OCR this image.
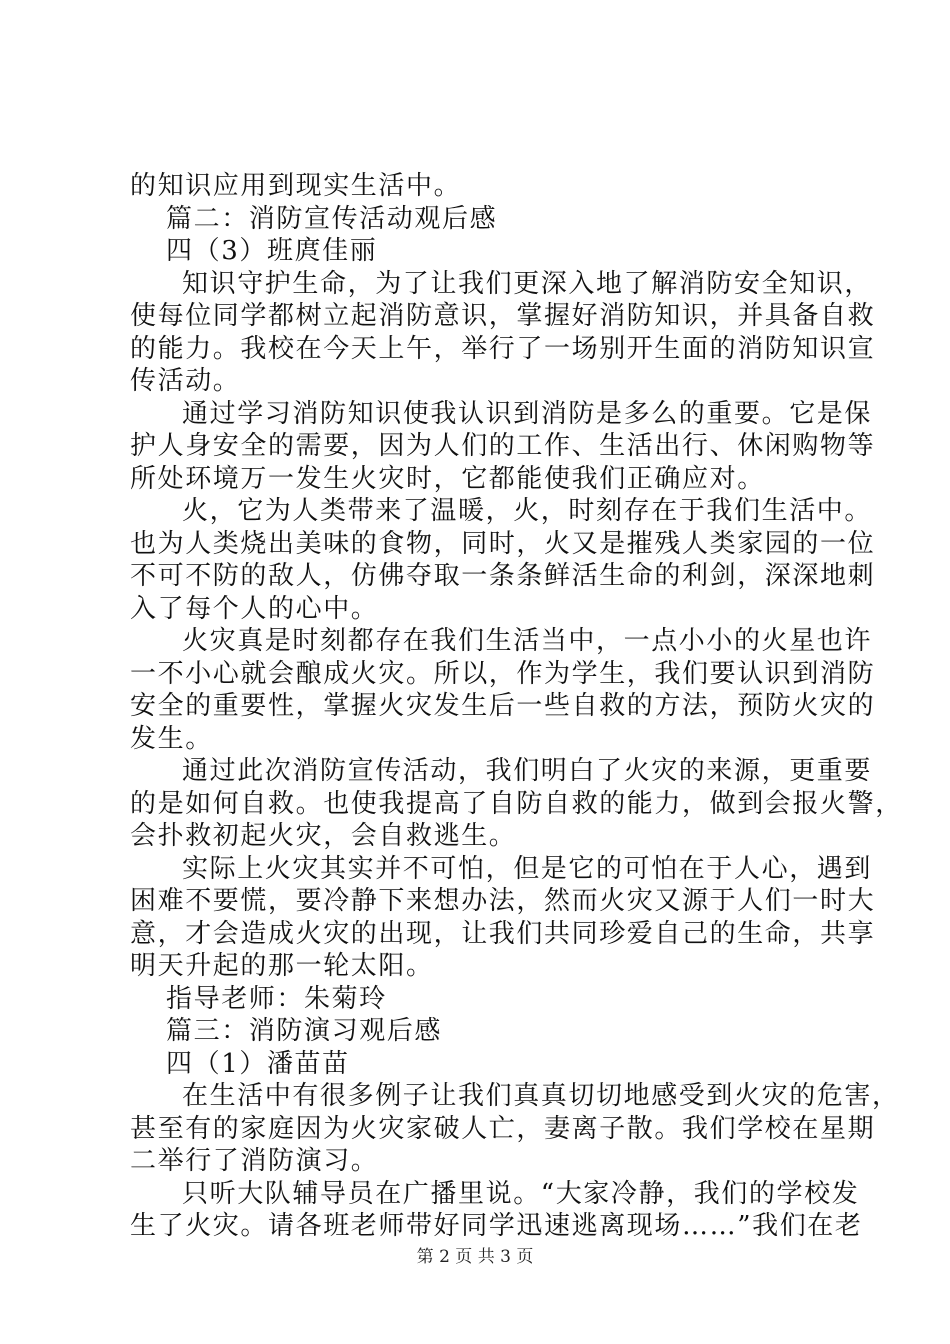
的知识应用到现实生活中。
篇二：消防宣传活动观后感
四（3）班庹佳丽
知识守护生命，为了让我们更深入地了解消防安全知识，
使每位同学都树立起消防意识，掌握好消防知识，并具备自救
的能力。我校在今天上午，举行了一场别开生面的消防知识宣
传活动。
通过学习消防知识使我认识到消防是多么的重要。它是保
护人身安全的需要，因为人们的工作、生活出行、休闲购物等
所处环境万一发生火灾时，它都能使我们正确应对。
火，它为人类带来了温暖，火，时刻存在于我们生活中。
也为人类烧出美味的食物，同时，火又是摧残人类家园的一位
不可不防的敌人，仿佛夺取一条条鲜活生命的利剑，深深地刺
入了每个人的心中。
火灾真是时刻都存在我们生活当中，一点小小的火星也许
一不小心就会酿成火灾。所以，作为学生，我们要认识到消防
安全的重要性，掌握火灾发生后一些自救的方法，预防火灾的
发生。
通过此次消防宣传活动，我们明白了火灾的来源，更重要
的是如何自救。也使我提高了自防自救的能力，做到会报火警，
会扑救初起火灾，会自救逃生。
实际上火灾其实并不可怕，但是它的可怕在于人心，遇到
困难不要慌，要冷静下来想办法，然而火灾又源于人们一时大
意，才会造成火灾的出现，让我们共同珍爱自己的生命，共享
明天升起的那一轮太阳。
指导老师：朱菊玲
篇三：消防演习观后感
四（1）潘苗苗
在生活中有很多例子让我们真真切切地感受到火灾的危害，
甚至有的家庭因为火灾家破人亡，妻离子散。我们学校在星期
二举行了消防演习。
只听大队辅导员在广播里说。“大家冷静，我们的学校发
生了火灾。请各班老师带好同学迅速逃离现场……”我们在老
第 2 页 共 3 页
